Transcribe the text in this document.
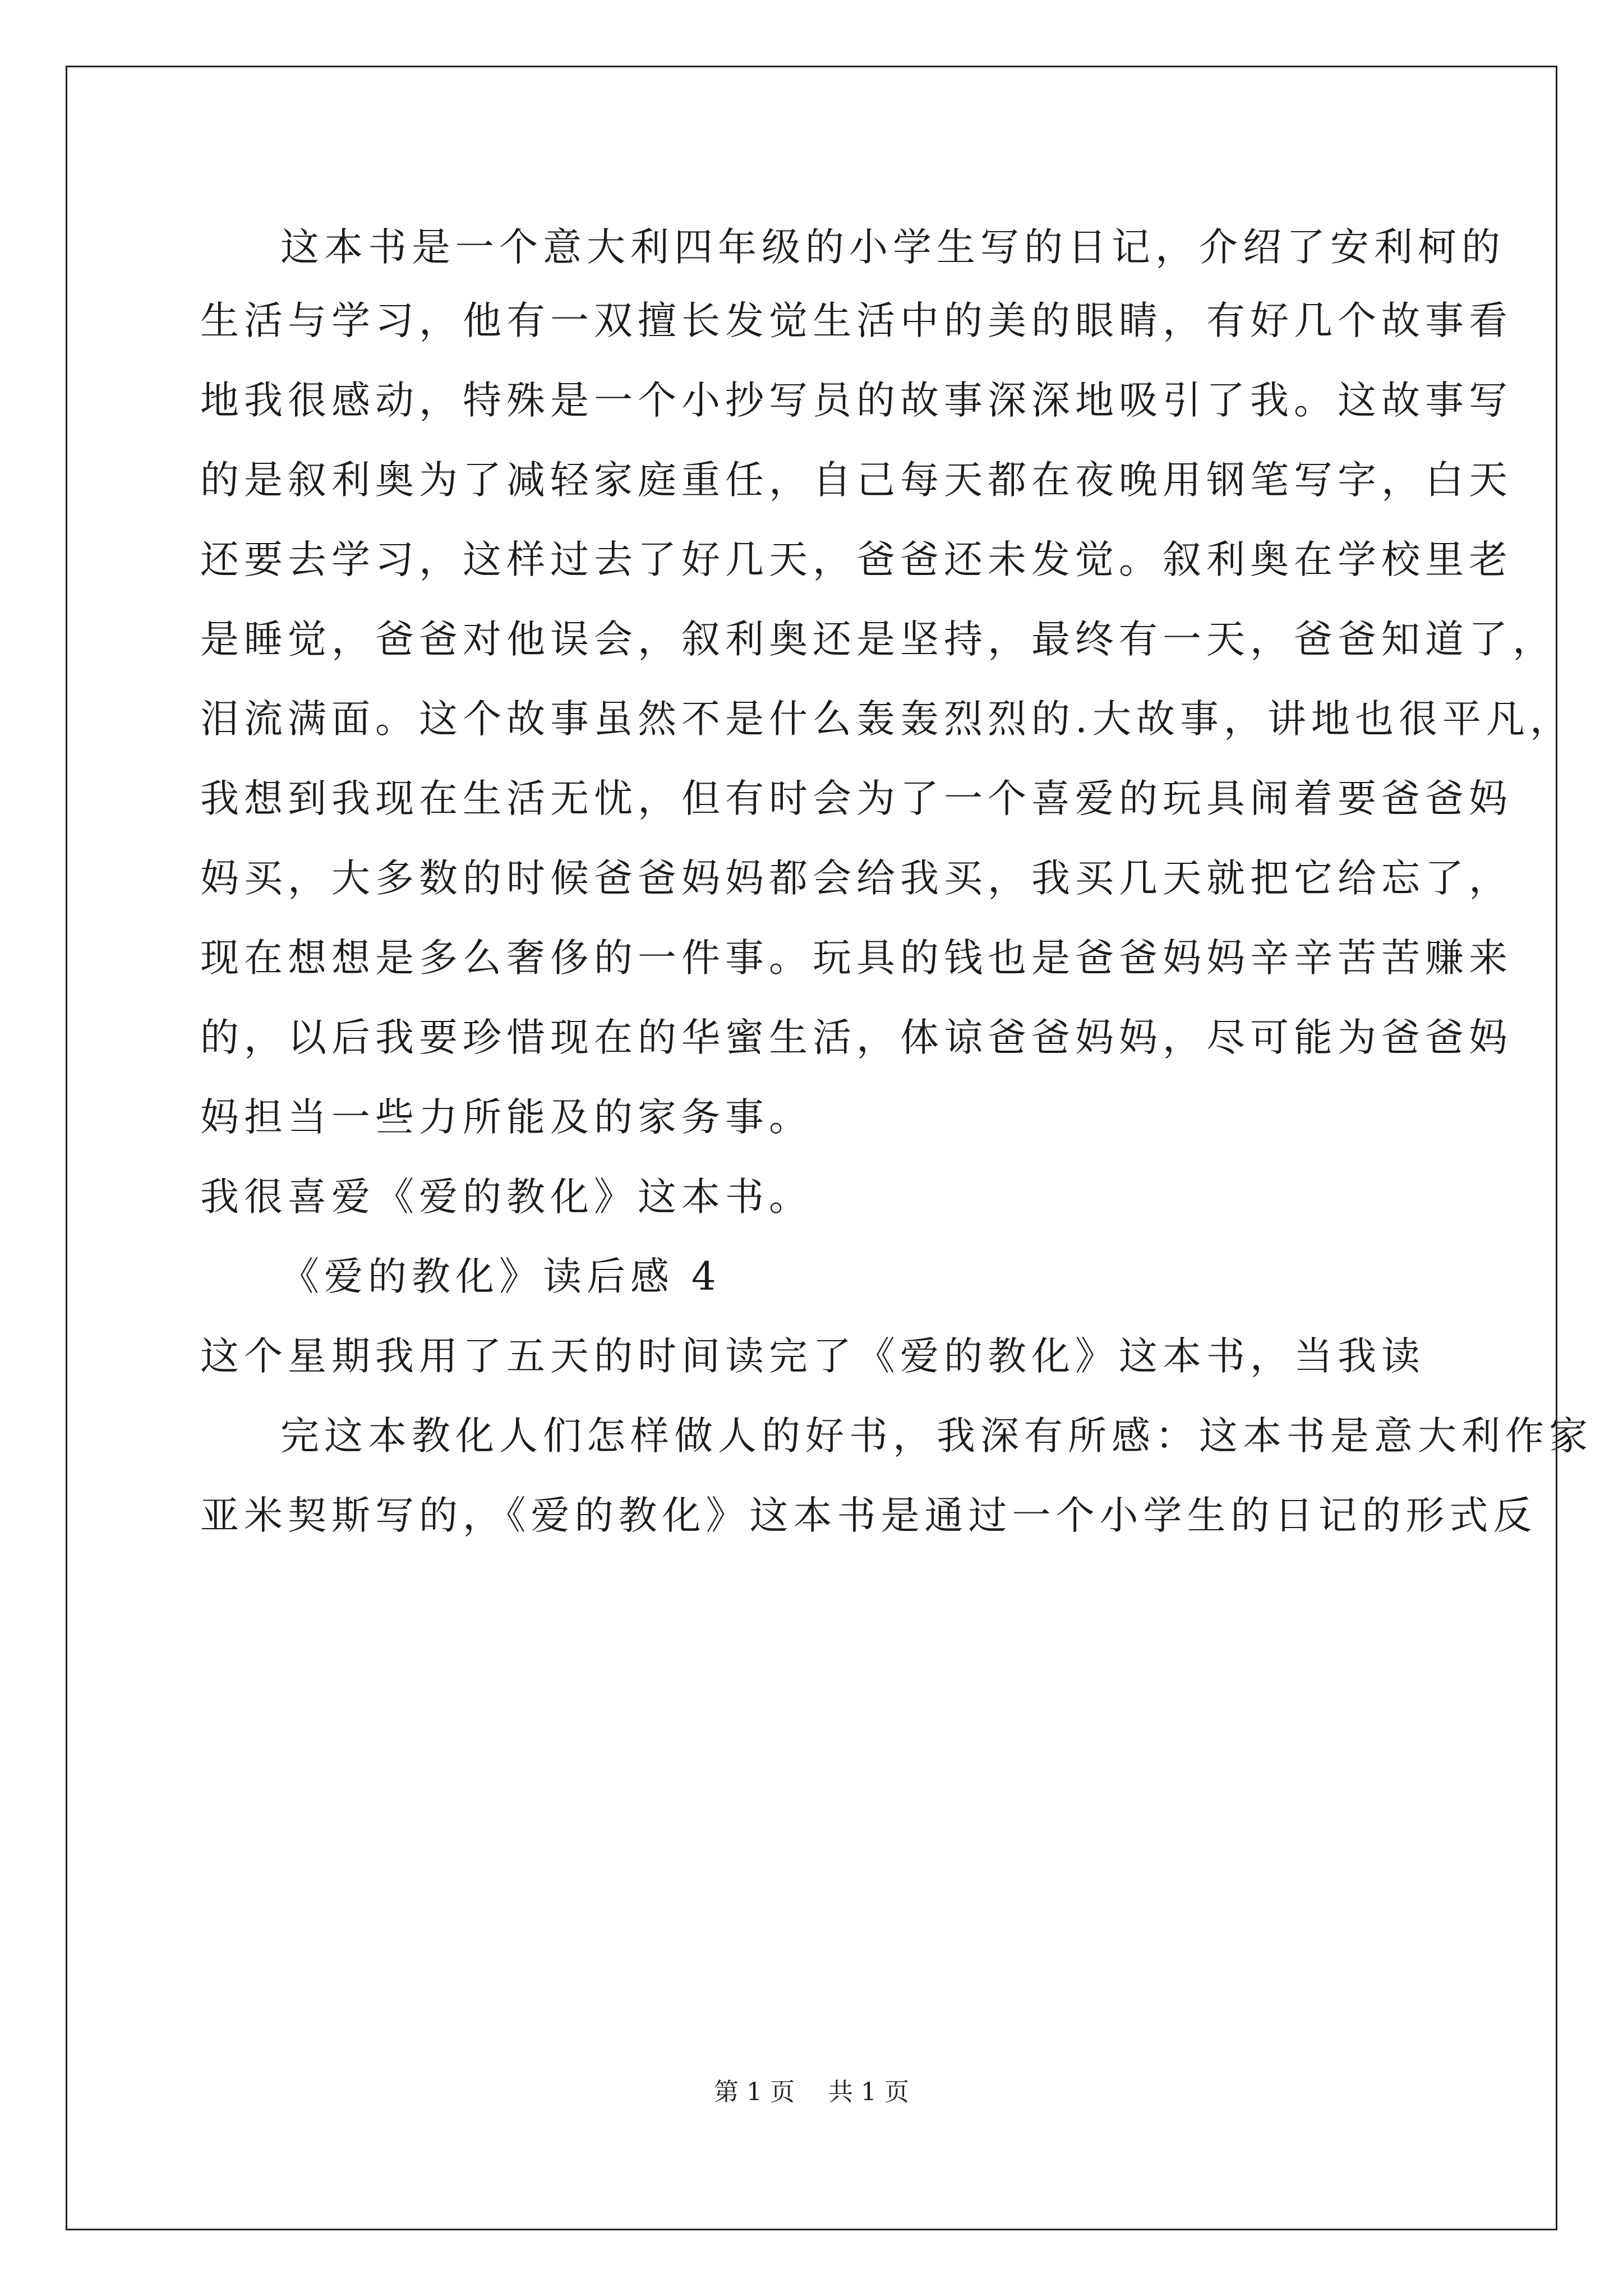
这本书是一个意大利四年级的小学生写的日记，介绍了安利柯的
生活与学习，他有一双擅长发觉生活中的美的眼睛，有好几个故事看
地我很感动，特殊是一个小抄写员的故事深深地吸引了我。这故事写
的是叙利奥为了减轻家庭重任，自己每天都在夜晚用钢笔写字，白天
还要去学习，这样过去了好几天，爸爸还未发觉。叙利奥在学校里老
是睡觉，爸爸对他误会，叙利奥还是坚持，最终有一天，爸爸知道了，
泪流满面。这个故事虽然不是什么轰轰烈烈的.大故事，讲地也很平凡，
我想到我现在生活无忧，但有时会为了一个喜爱的玩具闹着要爸爸妈
妈买，大多数的时候爸爸妈妈都会给我买，我买几天就把它给忘了，
现在想想是多么奢侈的一件事。玩具的钱也是爸爸妈妈辛辛苦苦赚来
的，以后我要珍惜现在的华蜜生活，体谅爸爸妈妈，尽可能为爸爸妈
妈担当一些力所能及的家务事。
我很喜爱《爱的教化》这本书。
《爱的教化》读后感 4
这个星期我用了五天的时间读完了《爱的教化》这本书，当我读
完这本教化人们怎样做人的好书，我深有所感：这本书是意大利作家
亚米契斯写的，《爱的教化》这本书是通过一个小学生的日记的形式反
第 1 页 共 1 页
